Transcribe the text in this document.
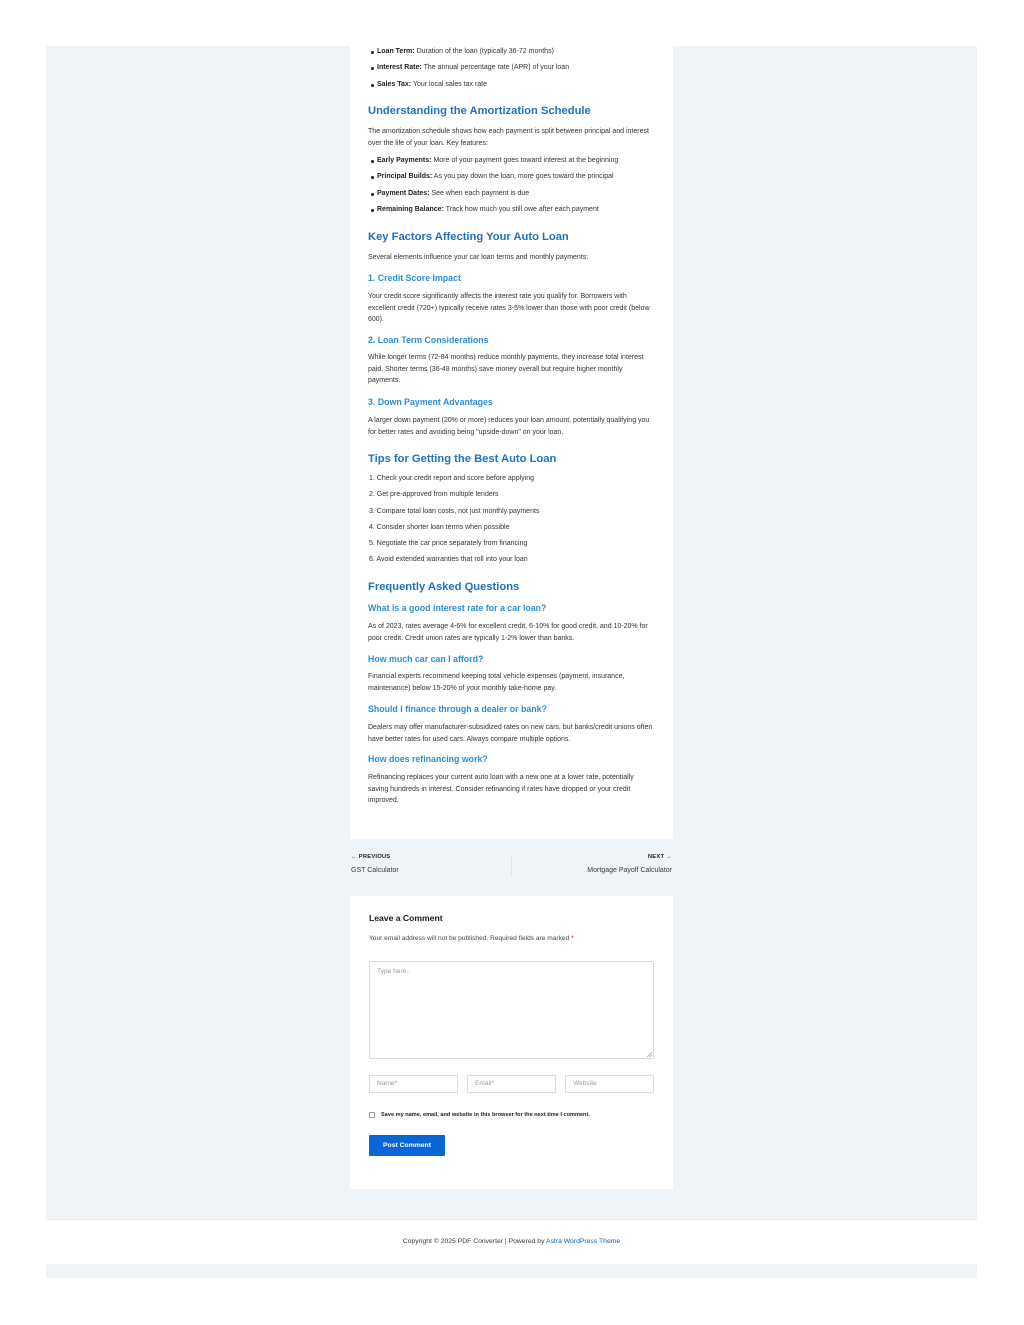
Loan Term: Duration of the loan (typically 36-72 months)
Interest Rate: The annual percentage rate (APR) of your loan
Sales Tax: Your local sales tax rate
Understanding the Amortization Schedule

The amortization schedule shows how each payment is split between principal and interest over the life of your loan. Key features:

Early Payments: More of your payment goes toward interest at the beginning
Principal Builds: As you pay down the loan, more goes toward the principal
Payment Dates: See when each payment is due
Remaining Balance: Track how much you still owe after each payment
Key Factors Affecting Your Auto Loan

Several elements influence your car loan terms and monthly payments:

1. Credit Score Impact

Your credit score significantly affects the interest rate you qualify for. Borrowers with excellent credit (720+) typically receive rates 3-5% lower than those with poor credit (below 600).

2. Loan Term Considerations

While longer terms (72-84 months) reduce monthly payments, they increase total interest paid. Shorter terms (36-48 months) save money overall but require higher monthly payments.

3. Down Payment Advantages

A larger down payment (20% or more) reduces your loan amount, potentially qualifying you for better rates and avoiding being "upside-down" on your loan.

Tips for Getting the Best Auto Loan
1. Check your credit report and score before applying
2. Get pre-approved from multiple lenders
3. Compare total loan costs, not just monthly payments
4. Consider shorter loan terms when possible
5. Negotiate the car price separately from financing
6. Avoid extended warranties that roll into your loan
Frequently Asked Questions
What is a good interest rate for a car loan?

As of 2023, rates average 4-6% for excellent credit, 6-10% for good credit, and 10-20% for poor credit. Credit union rates are typically 1-2% lower than banks.

How much car can I afford?

Financial experts recommend keeping total vehicle expenses (payment, insurance, maintenance) below 15-20% of your monthly take-home pay.

Should I finance through a dealer or bank?

Dealers may offer manufacturer-subsidized rates on new cars, but banks/credit unions often have better rates for used cars. Always compare multiple options.

How does refinancing work?

Refinancing replaces your current auto loan with a new one at a lower rate, potentially saving hundreds in interest. Consider refinancing if rates have dropped or your credit improved.

← PREVIOUS
GST Calculator
NEXT →
Mortgage Payoff Calculator
Leave a Comment
Your email address will not be published. Required fields are marked *
Type here..
Name*	Email*	Website
Save my name, email, and website in this browser for the next time I comment.
Post Comment
Copyright © 2025 PDF Converter | Powered by Astra WordPress Theme
